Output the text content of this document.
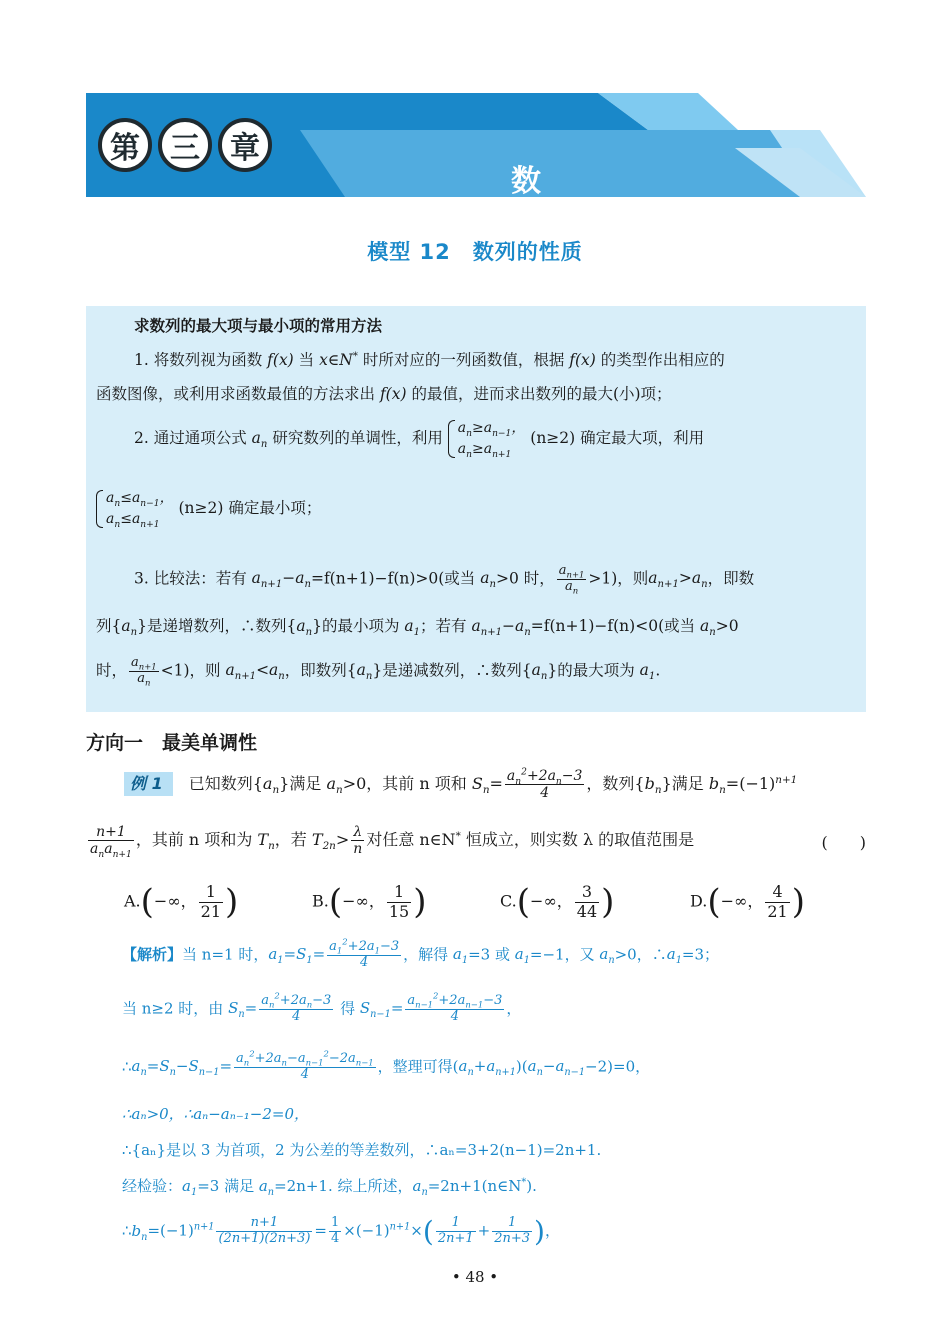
第	三	章
数　列
模型 12　数列的性质
求数列的最大项与最小项的常用方法
1. 将数列视为函数 f(x) 当 x∈N* 时所对应的一列函数值，根据 f(x) 的类型作出相应的
函数图像，或利用求函数最值的方法求出 f(x) 的最值，进而求出数列的最大(小)项；
2. 通过通项公式 $a_n$ 研究数列的单调性，利用
$a_n\ge a_{n-1}$，
$a_n\ge a_{n+1}$
(n≥2) 确定最大项，利用
$a_n\le a_{n-1}$，
$a_n\le a_{n+1}$
(n≥2) 确定最小项；
3. 比较法：若有 $a_{n+1}-a_n=f(n+1)-f(n)>0$(或当 $a_n>0$ 时， $\frac{a_{n+1}}{a_n} >1$)，则$a_{n+1}>a_n$，即数
列$\{a_n\}$是递增数列，∴数列$\{a_n\}$的最小项为 $a_1$；若有 $a_{n+1}-a_n=f(n+1)-f(n)<0$(或当 $a_n>0$
时， $\frac{a_{n+1}}{a_n} <1$)，则 $a_{n+1}<a_n$，即数列$\{a_n\}$是递减数列，∴数列$\{a_n\}$的最大项为 $a_1$.
方向一　最美单调性
例 1 已知数列$\{a_n\}$满足 $a_n>0$，其前 n 项和 $S_n= \frac{a_n^2+2a_n-3}{4}$ ，数列$\{b_n\}$满足 $b_n=(-1)^{n+1}$
$\frac{n+1}{a_na_{n+1}}$ ，其前 n 项和为 $T_n$，若 $T_{2n}> \frac{\lambda}{n}$ 对任意 n∈N* 恒成立，则实数 λ 的取值范围是	(　　)
A.(−∞， $\frac{1}{21}$ )	B.(−∞， $\frac{1}{15}$ )	C.(−∞， $\frac{3}{44}$ )	D.(−∞， $\frac{4}{21}$ )
【解析】当 n=1 时，$a_1=S_1= \frac{a_1^2+2a_1-3}{4}$ ，解得 $a_1=3$ 或 $a_1=-1$，又 $a_n>0$，$\therefore a_1=3$；
当 n≥2 时，由 $S_n= \frac{a_n^2+2a_n-3}{4}$ 得 $S_{n-1}= \frac{a_{n-1}^2+2a_{n-1}-3}{4}$ ，
$\therefore a_n=S_n-S_{n-1}= \frac{a_n^2+2a_n-a_{n-1}^2-2a_{n-1}}{4}$ ，整理可得$(a_n+a_{n+1})(a_n-a_{n-1}-2)=0$，
∴aₙ>0，∴aₙ−aₙ₋₁−2=0，
∴{aₙ}是以 3 为首项，2 为公差的等差数列，∴aₙ=3+2(n−1)=2n+1.
经检验：$a_1=3$ 满足 $a_n=2n+1$. 综上所述，$a_n=2n+1(n\in N^*)$.
$\therefore b_n=(-1)^{n+1} \frac{n+1}{(2n+1)(2n+3)} = \frac{1}{4} \times(-1)^{n+1}\times( \frac{1}{2n+1} + \frac{1}{2n+3}$ )，
• 48 •
